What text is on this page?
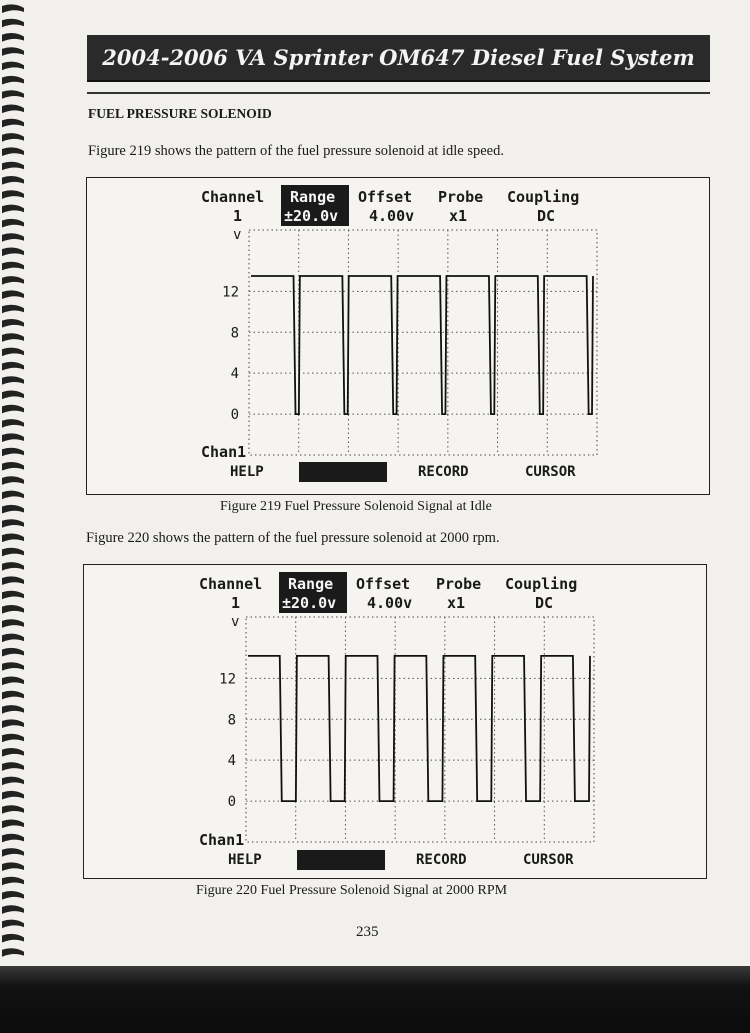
2004-2006 VA Sprinter OM647 Diesel Fuel System
FUEL PRESSURE SOLENOID
Figure 219 shows the pattern of the fuel pressure solenoid at idle speed.
Channel
1
Range
±20.0v
Offset
4.00v
Probe
x1
Coupling
DC
v
12
8
4
0
Chan1
HELP	VOLTAGE	RECORD	CURSOR
Figure 219 Fuel Pressure Solenoid Signal at Idle
Figure 220 shows the pattern of the fuel pressure solenoid at 2000 rpm.
Channel
1
Range
±20.0v
Offset
4.00v
Probe
x1
Coupling
DC
v
12
8
4
0
Chan1
HELP	VOLTAGE	RECORD	CURSOR
Figure 220 Fuel Pressure Solenoid Signal at 2000 RPM
235
